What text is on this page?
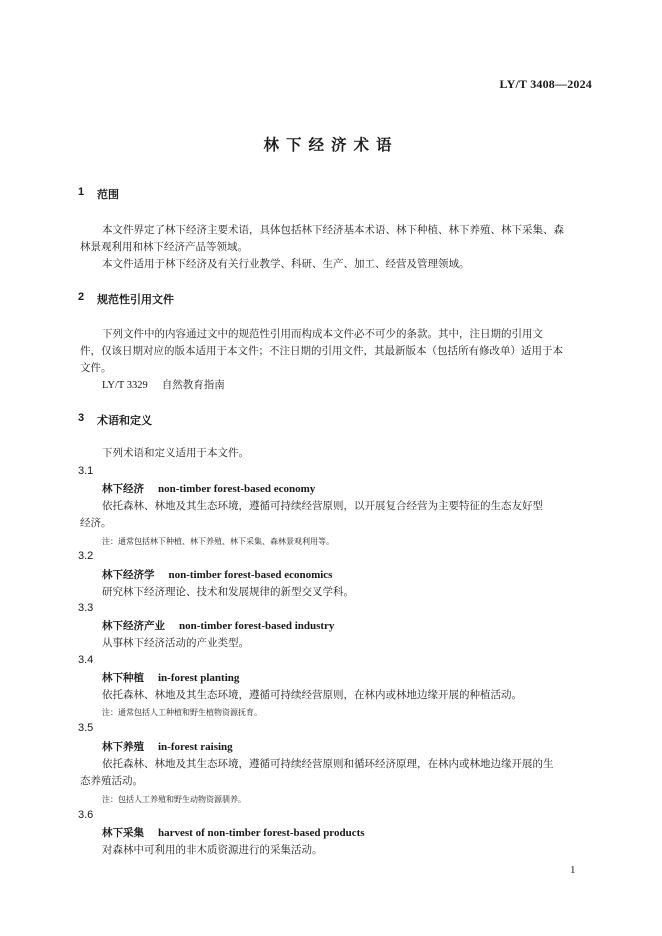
LY/T 3408—2024
林下经济术语
1 范围
本文件界定了林下经济主要术语，具体包括林下经济基本术语、林下种植、林下养殖、林下采集、森
林景观利用和林下经济产品等领域。
本文件适用于林下经济及有关行业教学、科研、生产、加工、经营及管理领域。
2 规范性引用文件
下列文件中的内容通过文中的规范性引用而构成本文件必不可少的条款。其中，注日期的引用文
件，仅该日期对应的版本适用于本文件；不注日期的引用文件，其最新版本（包括所有修改单）适用于本
文件。
LY/T 3329 自然教育指南
3 术语和定义
下列术语和定义适用于本文件。
3.1
林下经济 non-timber forest-based economy
依托森林、林地及其生态环境，遵循可持续经营原则，以开展复合经营为主要特征的生态友好型
经济。
注：通常包括林下种植、林下养殖、林下采集、森林景观利用等。
3.2
林下经济学 non-timber forest-based economics
研究林下经济理论、技术和发展规律的新型交叉学科。
3.3
林下经济产业 non-timber forest-based industry
从事林下经济活动的产业类型。
3.4
林下种植 in-forest planting
依托森林、林地及其生态环境，遵循可持续经营原则，在林内或林地边缘开展的种植活动。
注：通常包括人工种植和野生植物资源抚育。
3.5
林下养殖 in-forest raising
依托森林、林地及其生态环境，遵循可持续经营原则和循环经济原理，在林内或林地边缘开展的生
态养殖活动。
注：包括人工养殖和野生动物资源驯养。
3.6
林下采集 harvest of non-timber forest-based products
对森林中可利用的非木质资源进行的采集活动。
1
